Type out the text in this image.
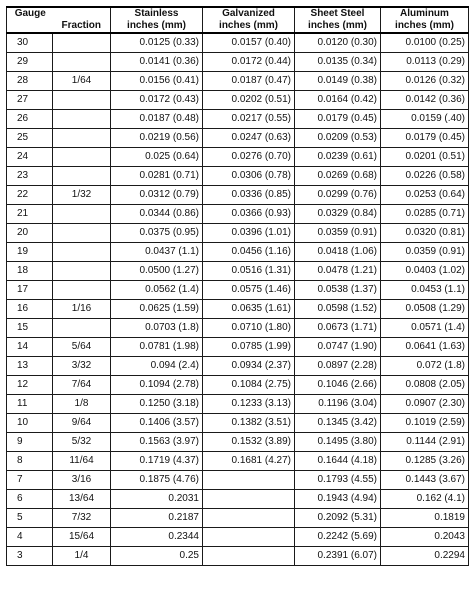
Gauge		Stainless	Galvanized	Sheet Steel	Aluminum
	Fraction	inches (mm)	inches (mm)	inches (mm)	inches (mm)
30		0.0125 (0.33)	0.0157 (0.40)	0.0120 (0.30)	0.0100 (0.25)
29		0.0141 (0.36)	0.0172 (0.44)	0.0135 (0.34)	0.0113 (0.29)
28	1/64	0.0156 (0.41)	0.0187 (0.47)	0.0149 (0.38)	0.0126 (0.32)
27		0.0172 (0.43)	0.0202 (0.51)	0.0164 (0.42)	0.0142 (0.36)
26		0.0187 (0.48)	0.0217 (0.55)	0.0179 (0.45)	0.0159 (.40)
25		0.0219 (0.56)	0.0247 (0.63)	0.0209 (0.53)	0.0179 (0.45)
24		0.025 (0.64)	0.0276 (0.70)	0.0239 (0.61)	0.0201 (0.51)
23		0.0281 (0.71)	0.0306 (0.78)	0.0269 (0.68)	0.0226 (0.58)
22	1/32	0.0312 (0.79)	0.0336 (0.85)	0.0299 (0.76)	0.0253 (0.64)
21		0.0344 (0.86)	0.0366 (0.93)	0.0329 (0.84)	0.0285 (0.71)
20		0.0375 (0.95)	0.0396 (1.01)	0.0359 (0.91)	0.0320 (0.81)
19		0.0437 (1.1)	0.0456 (1.16)	0.0418 (1.06)	0.0359 (0.91)
18		0.0500 (1.27)	0.0516 (1.31)	0.0478 (1.21)	0.0403 (1.02)
17		0.0562 (1.4)	0.0575 (1.46)	0.0538 (1.37)	0.0453 (1.1)
16	1/16	0.0625 (1.59)	0.0635 (1.61)	0.0598 (1.52)	0.0508 (1.29)
15		0.0703 (1.8)	0.0710 (1.80)	0.0673 (1.71)	0.0571 (1.4)
14	5/64	0.0781 (1.98)	0.0785 (1.99)	0.0747 (1.90)	0.0641 (1.63)
13	3/32	0.094 (2.4)	0.0934 (2.37)	0.0897 (2.28)	0.072 (1.8)
12	7/64	0.1094 (2.78)	0.1084 (2.75)	0.1046 (2.66)	0.0808 (2.05)
11	1/8	0.1250 (3.18)	0.1233 (3.13)	0.1196 (3.04)	0.0907 (2.30)
10	9/64	0.1406 (3.57)	0.1382 (3.51)	0.1345 (3.42)	0.1019 (2.59)
9	5/32	0.1563 (3.97)	0.1532 (3.89)	0.1495 (3.80)	0.1144 (2.91)
8	11/64	0.1719 (4.37)	0.1681 (4.27)	0.1644 (4.18)	0.1285 (3.26)
7	3/16	0.1875 (4.76)		0.1793 (4.55)	0.1443 (3.67)
6	13/64	0.2031		0.1943 (4.94)	0.162 (4.1)
5	7/32	0.2187		0.2092 (5.31)	0.1819
4	15/64	0.2344		0.2242 (5.69)	0.2043
3	1/4	0.25		0.2391 (6.07)	0.2294
